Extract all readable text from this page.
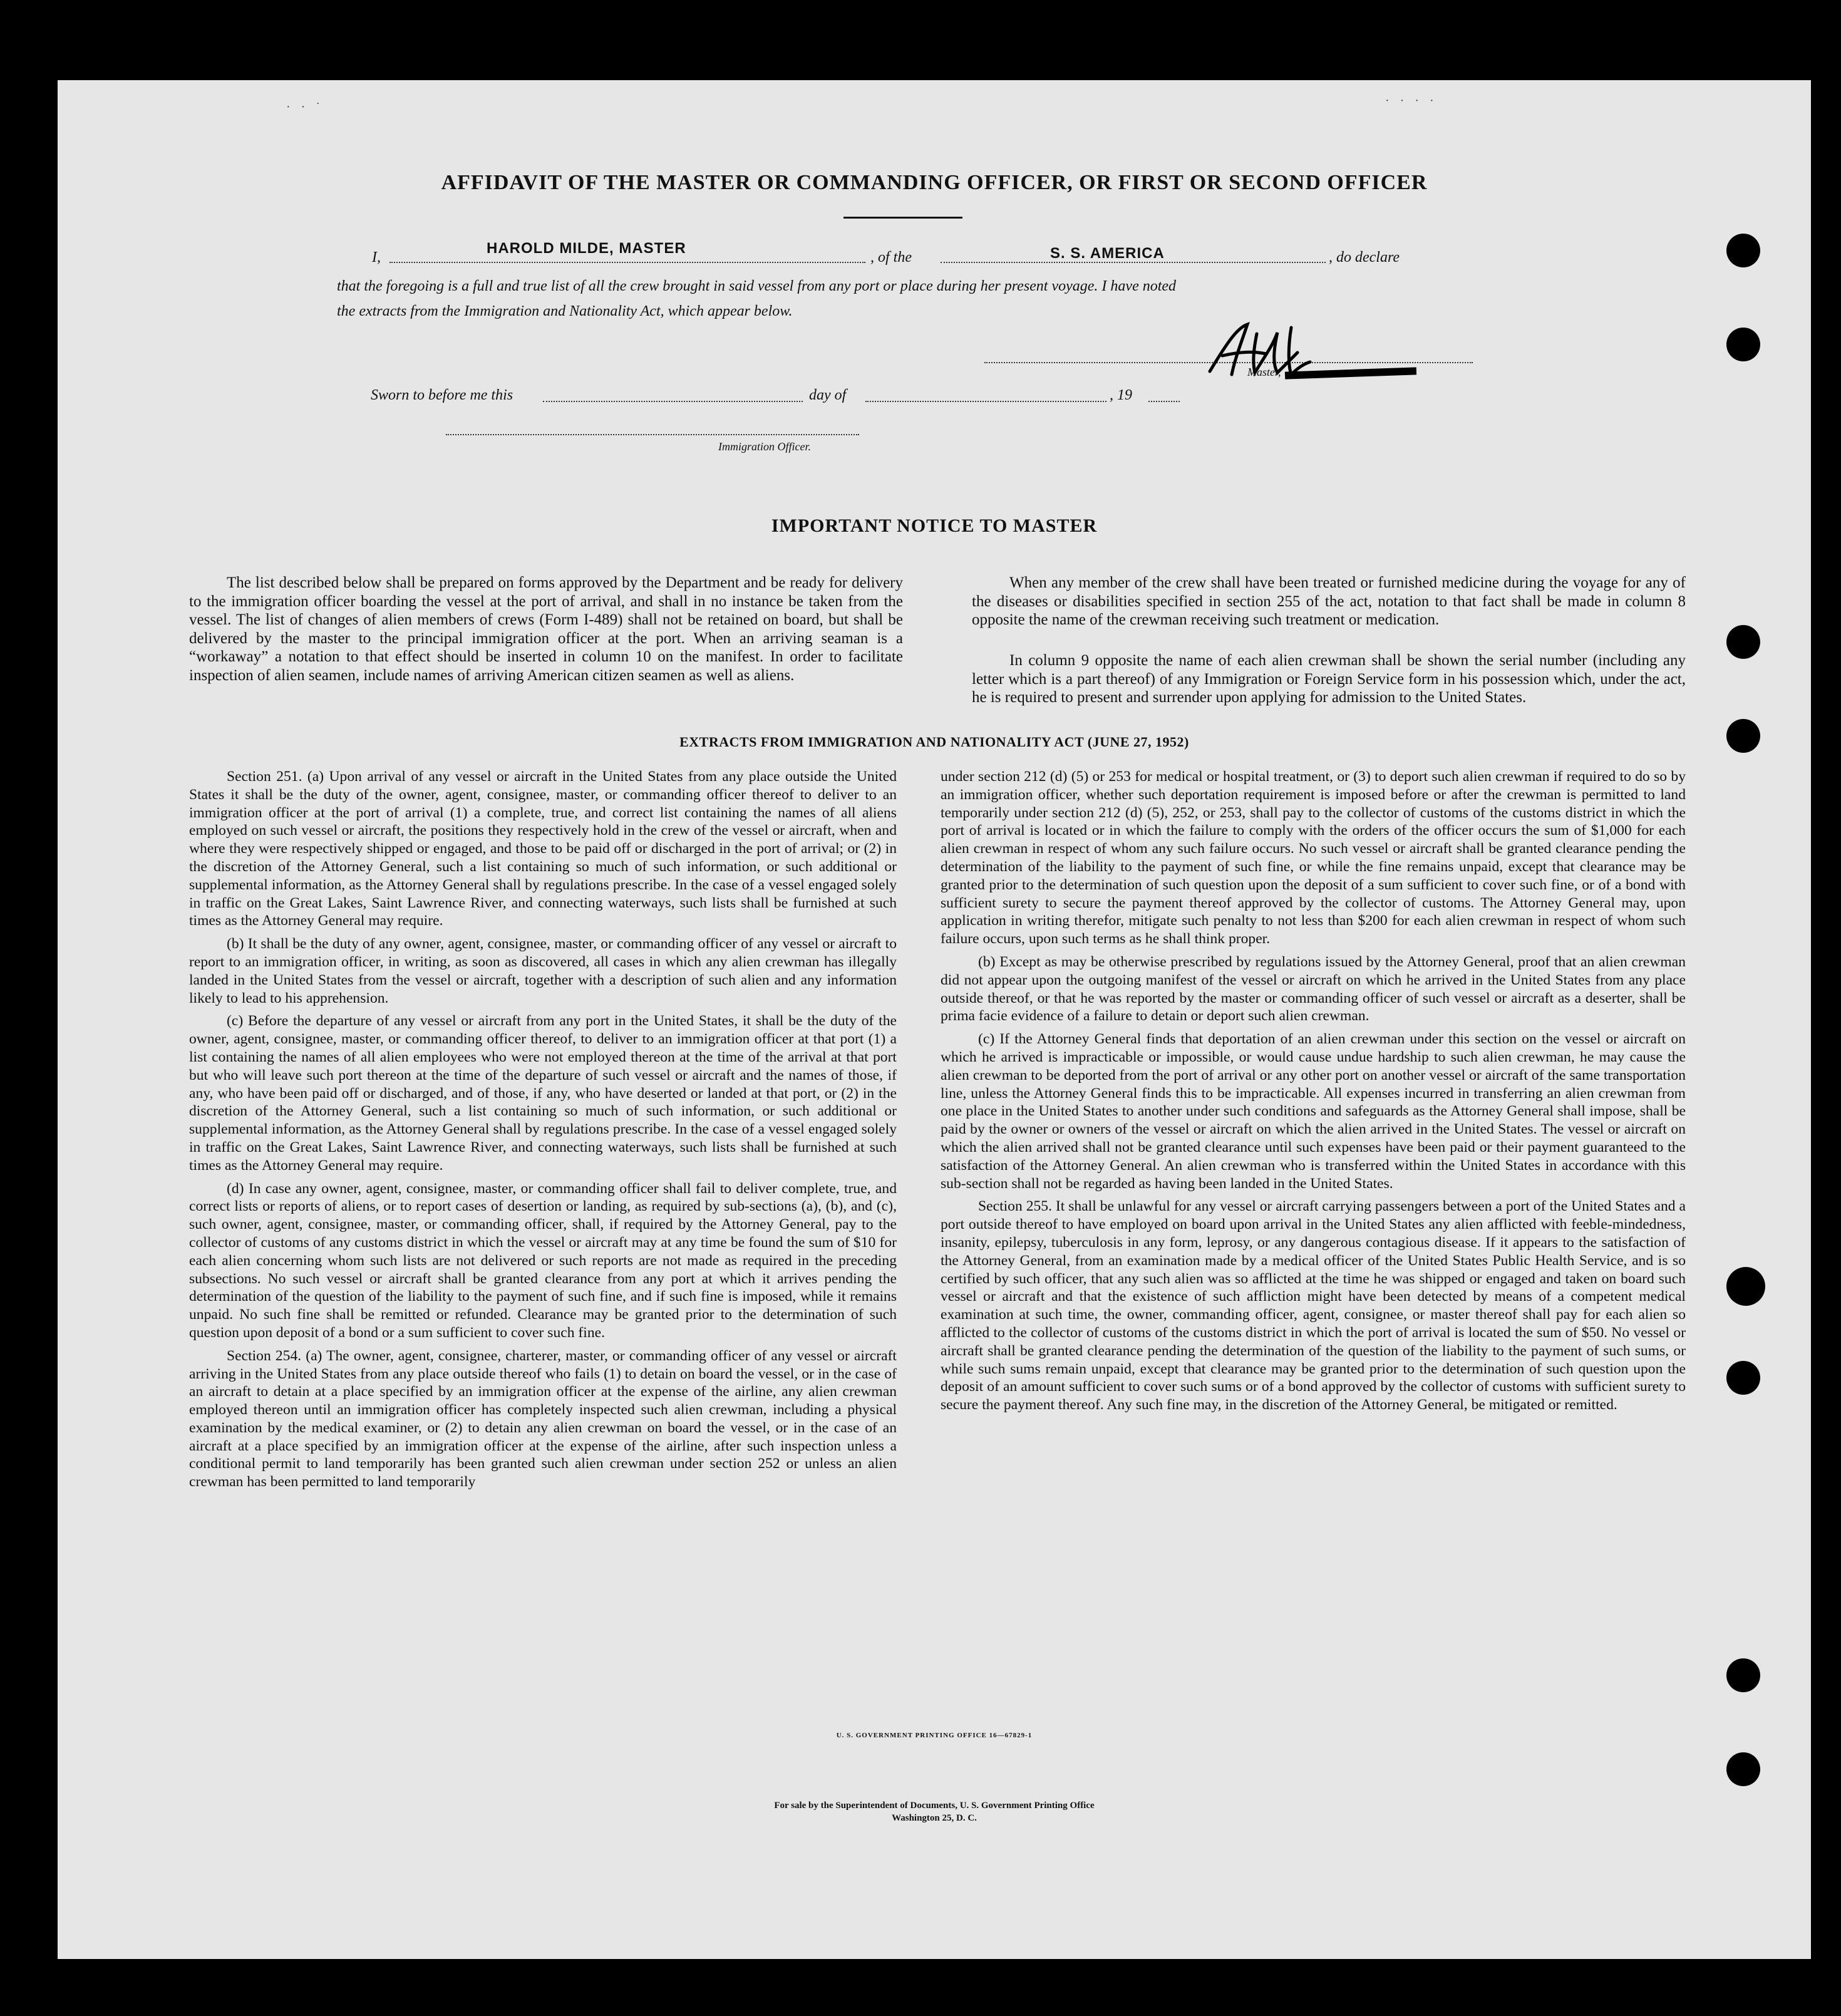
· · ˙	· · · ·
AFFIDAVIT OF THE MASTER OR COMMANDING OFFICER, OR FIRST OR SECOND OFFICER
I,
HAROLD MILDE, MASTER
, of the	S. S. AMERICA	, do declare
that the foregoing is a full and true list of all the crew brought in said vessel from any port or place during her present voyage. I have noted
the extracts from the Immigration and Nationality Act, which appear below.
Master,
Sworn to before me this	day of	, 19
Immigration Officer.
IMPORTANT NOTICE TO MASTER

The list described below shall be prepared on forms approved by the Department and be ready for delivery to the immigration officer boarding the vessel at the port of arrival, and shall in no instance be taken from the vessel. The list of changes of alien members of crews (Form I-489) shall not be retained on board, but shall be delivered by the master to the principal immigration officer at the port. When an arriving seaman is a “workaway” a notation to that effect should be inserted in column 10 on the manifest. In order to facilitate inspection of alien seamen, include names of arriving American citizen seamen as well as aliens.

When any member of the crew shall have been treated or furnished medicine during the voyage for any of the diseases or disabilities specified in section 255 of the act, notation to that fact shall be made in column 8 opposite the name of the crewman receiving such treatment or medication.

In column 9 opposite the name of each alien crewman shall be shown the serial number (including any letter which is a part thereof) of any Immigration or Foreign Service form in his possession which, under the act, he is required to present and surrender upon applying for admission to the United States.

EXTRACTS FROM IMMIGRATION AND NATIONALITY ACT (JUNE 27, 1952)

Section 251. (a) Upon arrival of any vessel or aircraft in the United States from any place outside the United States it shall be the duty of the owner, agent, consignee, master, or commanding officer thereof to deliver to an immigration officer at the port of arrival (1) a complete, true, and correct list containing the names of all aliens employed on such vessel or aircraft, the positions they respectively hold in the crew of the vessel or aircraft, when and where they were respectively shipped or engaged, and those to be paid off or discharged in the port of arrival; or (2) in the discretion of the Attorney General, such a list containing so much of such information, or such additional or supplemental information, as the Attorney General shall by regulations prescribe. In the case of a vessel engaged solely in traffic on the Great Lakes, Saint Lawrence River, and connecting waterways, such lists shall be furnished at such times as the Attorney General may require.

(b) It shall be the duty of any owner, agent, consignee, master, or commanding officer of any vessel or aircraft to report to an immigration officer, in writing, as soon as discovered, all cases in which any alien crewman has illegally landed in the United States from the vessel or aircraft, together with a description of such alien and any information likely to lead to his apprehension.

(c) Before the departure of any vessel or aircraft from any port in the United States, it shall be the duty of the owner, agent, consignee, master, or commanding officer thereof, to deliver to an immigration officer at that port (1) a list containing the names of all alien employees who were not employed thereon at the time of the arrival at that port but who will leave such port thereon at the time of the departure of such vessel or aircraft and the names of those, if any, who have been paid off or discharged, and of those, if any, who have deserted or landed at that port, or (2) in the discretion of the Attorney General, such a list containing so much of such information, or such additional or supplemental information, as the Attorney General shall by regulations prescribe. In the case of a vessel engaged solely in traffic on the Great Lakes, Saint Lawrence River, and connecting waterways, such lists shall be furnished at such times as the Attorney General may require.

(d) In case any owner, agent, consignee, master, or commanding officer shall fail to deliver complete, true, and correct lists or reports of aliens, or to report cases of desertion or landing, as required by sub-sections (a), (b), and (c), such owner, agent, consignee, master, or commanding officer, shall, if required by the Attorney General, pay to the collector of customs of any customs district in which the vessel or aircraft may at any time be found the sum of $10 for each alien concerning whom such lists are not delivered or such reports are not made as required in the preceding subsections. No such vessel or aircraft shall be granted clearance from any port at which it arrives pending the determination of the question of the liability to the payment of such fine, and if such fine is imposed, while it remains unpaid. No such fine shall be remitted or refunded. Clearance may be granted prior to the determination of such question upon deposit of a bond or a sum sufficient to cover such fine.

Section 254. (a) The owner, agent, consignee, charterer, master, or commanding officer of any vessel or aircraft arriving in the United States from any place outside thereof who fails (1) to detain on board the vessel, or in the case of an aircraft to detain at a place specified by an immigration officer at the expense of the airline, any alien crewman employed thereon until an immigration officer has completely inspected such alien crewman, including a physical examination by the medical examiner, or (2) to detain any alien crewman on board the vessel, or in the case of an aircraft at a place specified by an immigration officer at the expense of the airline, after such inspection unless a conditional permit to land temporarily has been granted such alien crewman under section 252 or unless an alien crewman has been permitted to land temporarily

under section 212 (d) (5) or 253 for medical or hospital treatment, or (3) to deport such alien crewman if required to do so by an immigration officer, whether such deportation requirement is imposed before or after the crewman is permitted to land temporarily under section 212 (d) (5), 252, or 253, shall pay to the collector of customs of the customs district in which the port of arrival is located or in which the failure to comply with the orders of the officer occurs the sum of $1,000 for each alien crewman in respect of whom any such failure occurs. No such vessel or aircraft shall be granted clearance pending the determination of the liability to the payment of such fine, or while the fine remains unpaid, except that clearance may be granted prior to the determination of such question upon the deposit of a sum sufficient to cover such fine, or of a bond with sufficient surety to secure the payment thereof approved by the collector of customs. The Attorney General may, upon application in writing therefor, mitigate such penalty to not less than $200 for each alien crewman in respect of whom such failure occurs, upon such terms as he shall think proper.

(b) Except as may be otherwise prescribed by regulations issued by the Attorney General, proof that an alien crewman did not appear upon the outgoing manifest of the vessel or aircraft on which he arrived in the United States from any place outside thereof, or that he was reported by the master or commanding officer of such vessel or aircraft as a deserter, shall be prima facie evidence of a failure to detain or deport such alien crewman.

(c) If the Attorney General finds that deportation of an alien crewman under this section on the vessel or aircraft on which he arrived is impracticable or impossible, or would cause undue hardship to such alien crewman, he may cause the alien crewman to be deported from the port of arrival or any other port on another vessel or aircraft of the same transportation line, unless the Attorney General finds this to be impracticable. All expenses incurred in transferring an alien crewman from one place in the United States to another under such conditions and safeguards as the Attorney General shall impose, shall be paid by the owner or owners of the vessel or aircraft on which the alien arrived in the United States. The vessel or aircraft on which the alien arrived shall not be granted clearance until such expenses have been paid or their payment guaranteed to the satisfaction of the Attorney General. An alien crewman who is transferred within the United States in accordance with this sub-section shall not be regarded as having been landed in the United States.

Section 255. It shall be unlawful for any vessel or aircraft carrying passengers between a port of the United States and a port outside thereof to have employed on board upon arrival in the United States any alien afflicted with feeble-mindedness, insanity, epilepsy, tuberculosis in any form, leprosy, or any dangerous contagious disease. If it appears to the satisfaction of the Attorney General, from an examination made by a medical officer of the United States Public Health Service, and is so certified by such officer, that any such alien was so afflicted at the time he was shipped or engaged and taken on board such vessel or aircraft and that the existence of such affliction might have been detected by means of a competent medical examination at such time, the owner, commanding officer, agent, consignee, or master thereof shall pay for each alien so afflicted to the collector of customs of the customs district in which the port of arrival is located the sum of $50. No vessel or aircraft shall be granted clearance pending the determination of the question of the liability to the payment of such sums, or while such sums remain unpaid, except that clearance may be granted prior to the determination of such question upon the deposit of an amount sufficient to cover such sums or of a bond approved by the collector of customs with sufficient surety to secure the payment thereof. Any such fine may, in the discretion of the Attorney General, be mitigated or remitted.

U. S. GOVERNMENT PRINTING OFFICE 16—67829-1
For sale by the Superintendent of Documents, U. S. Government Printing Office
Washington 25, D. C.
